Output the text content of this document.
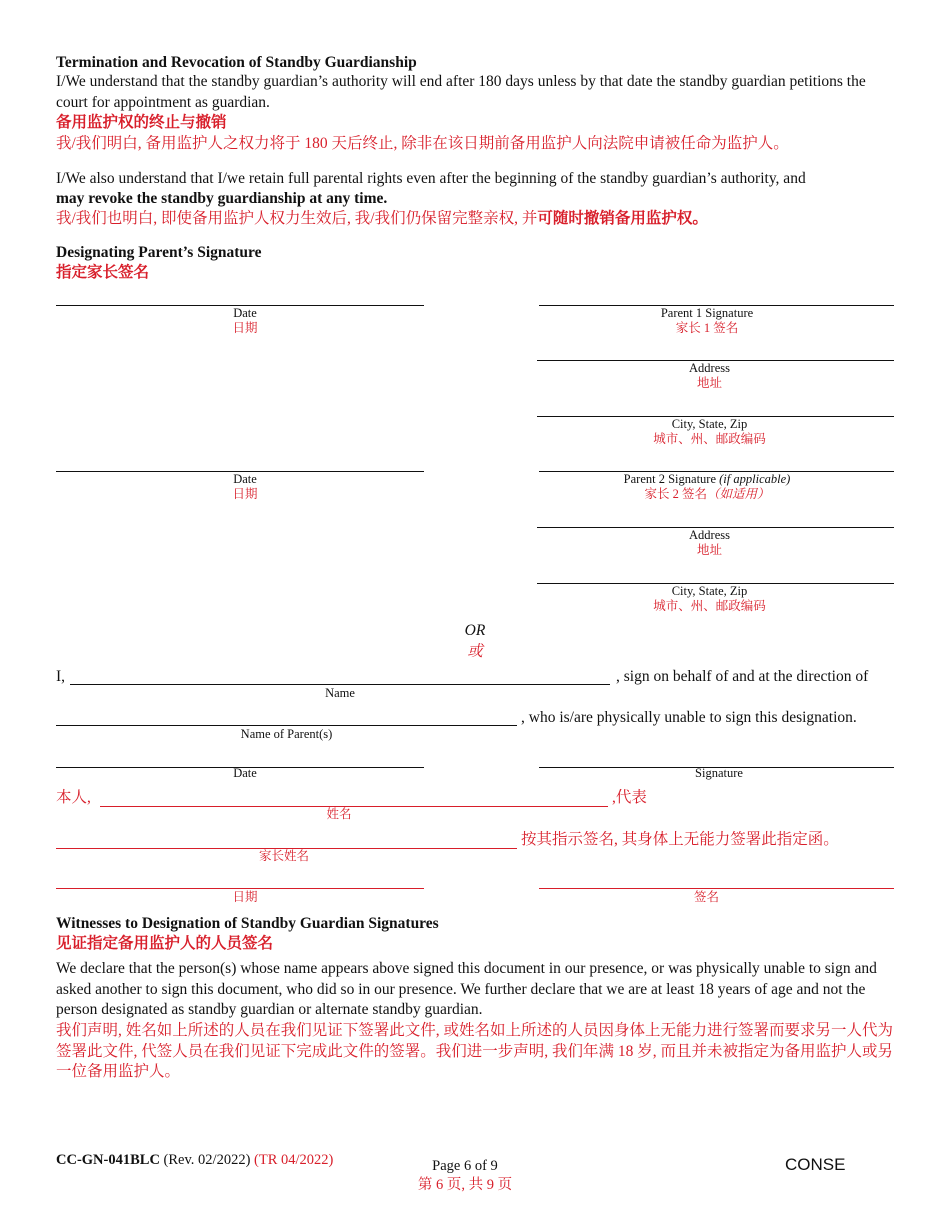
Termination and Revocation of Standby Guardianship
I/We understand that the standby guardian’s authority will end after 180 days unless by that date the standby guardian petitions the court for appointment as guardian.
备用监护权的终止与撤销
我/我们明白, 备用监护人之权力将于 180 天后终止, 除非在该日期前备用监护人向法院申请被任命为监护人。
I/We also understand that I/we retain full parental rights even after the beginning of the standby guardian’s authority, and
may revoke the standby guardianship at any time.
我/我们也明白, 即使备用监护人权力生效后, 我/我们仍保留完整亲权, 并可随时撤销备用监护权。
Designating Parent’s Signature
指定家长签名
Date
日期
Parent 1 Signature
家长 1 签名
Address
地址
City, State, Zip
城市、州、邮政编码
Date
日期
Parent 2 Signature (if applicable)
家长 2 签名（如适用）
Address
地址
City, State, Zip
城市、州、邮政编码
OR
或
I,	, sign on behalf of and at the direction of
Name
, who is/are physically unable to sign this designation.
Name of Parent(s)
Date	Signature
本人,	,代表
姓名
按其指示签名, 其身体上无能力签署此指定函。
家长姓名
日期	签名
Witnesses to Designation of Standby Guardian Signatures
见证指定备用监护人的人员签名
We declare that the person(s) whose name appears above signed this document in our presence, or was physically unable to sign and asked another to sign this document, who did so in our presence. We further declare that we are at least 18 years of age and not the person designated as standby guardian or alternate standby guardian.
我们声明, 姓名如上所述的人员在我们见证下签署此文件, 或姓名如上所述的人员因身体上无能力进行签署而要求另一人代为签署此文件, 代签人员在我们见证下完成此文件的签署。我们进一步声明, 我们年满 18 岁, 而且并未被指定为备用监护人或另一位备用监护人。
CC-GN-041BLC (Rev. 02/2022) (TR 04/2022)	Page 6 of 9
第 6 页, 共 9 页
CONSE
